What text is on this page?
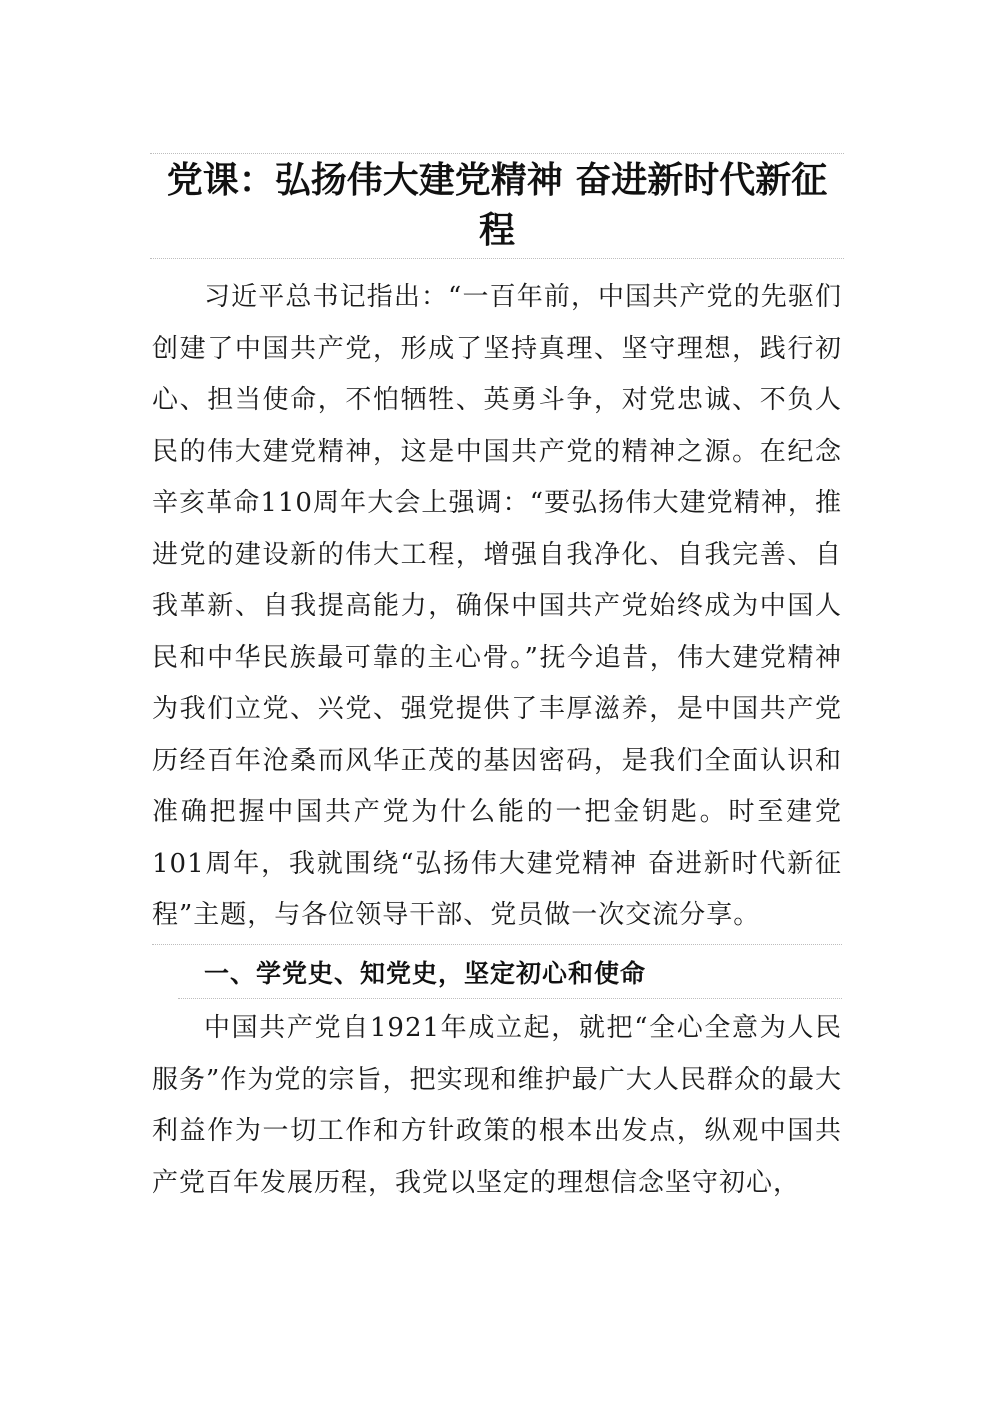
党课：弘扬伟大建党精神 奋进新时代新征程

习近平总书记指出：“一百年前，中国共产党的先驱们创建了中国共产党，形成了坚持真理、坚守理想，践行初心、担当使命，不怕牺牲、英勇斗争，对党忠诚、不负人民的伟大建党精神，这是中国共产党的精神之源。在纪念辛亥革命110周年大会上强调：“要弘扬伟大建党精神，推进党的建设新的伟大工程，增强自我净化、自我完善、自我革新、自我提高能力，确保中国共产党始终成为中国人民和中华民族最可靠的主心骨。”抚今追昔，伟大建党精神为我们立党、兴党、强党提供了丰厚滋养，是中国共产党历经百年沧桑而风华正茂的基因密码，是我们全面认识和准确把握中国共产党为什么能的一把金钥匙。时至建党101周年，我就围绕“弘扬伟大建党精神 奋进新时代新征程”主题，与各位领导干部、党员做一次交流分享。

一、学党史、知党史，坚定初心和使命

中国共产党自1921年成立起，就把“全心全意为人民服务”作为党的宗旨，把实现和维护最广大人民群众的最大利益作为一切工作和方针政策的根本出发点，纵观中国共产党百年发展历程，我党以坚定的理想信念坚守初心，
